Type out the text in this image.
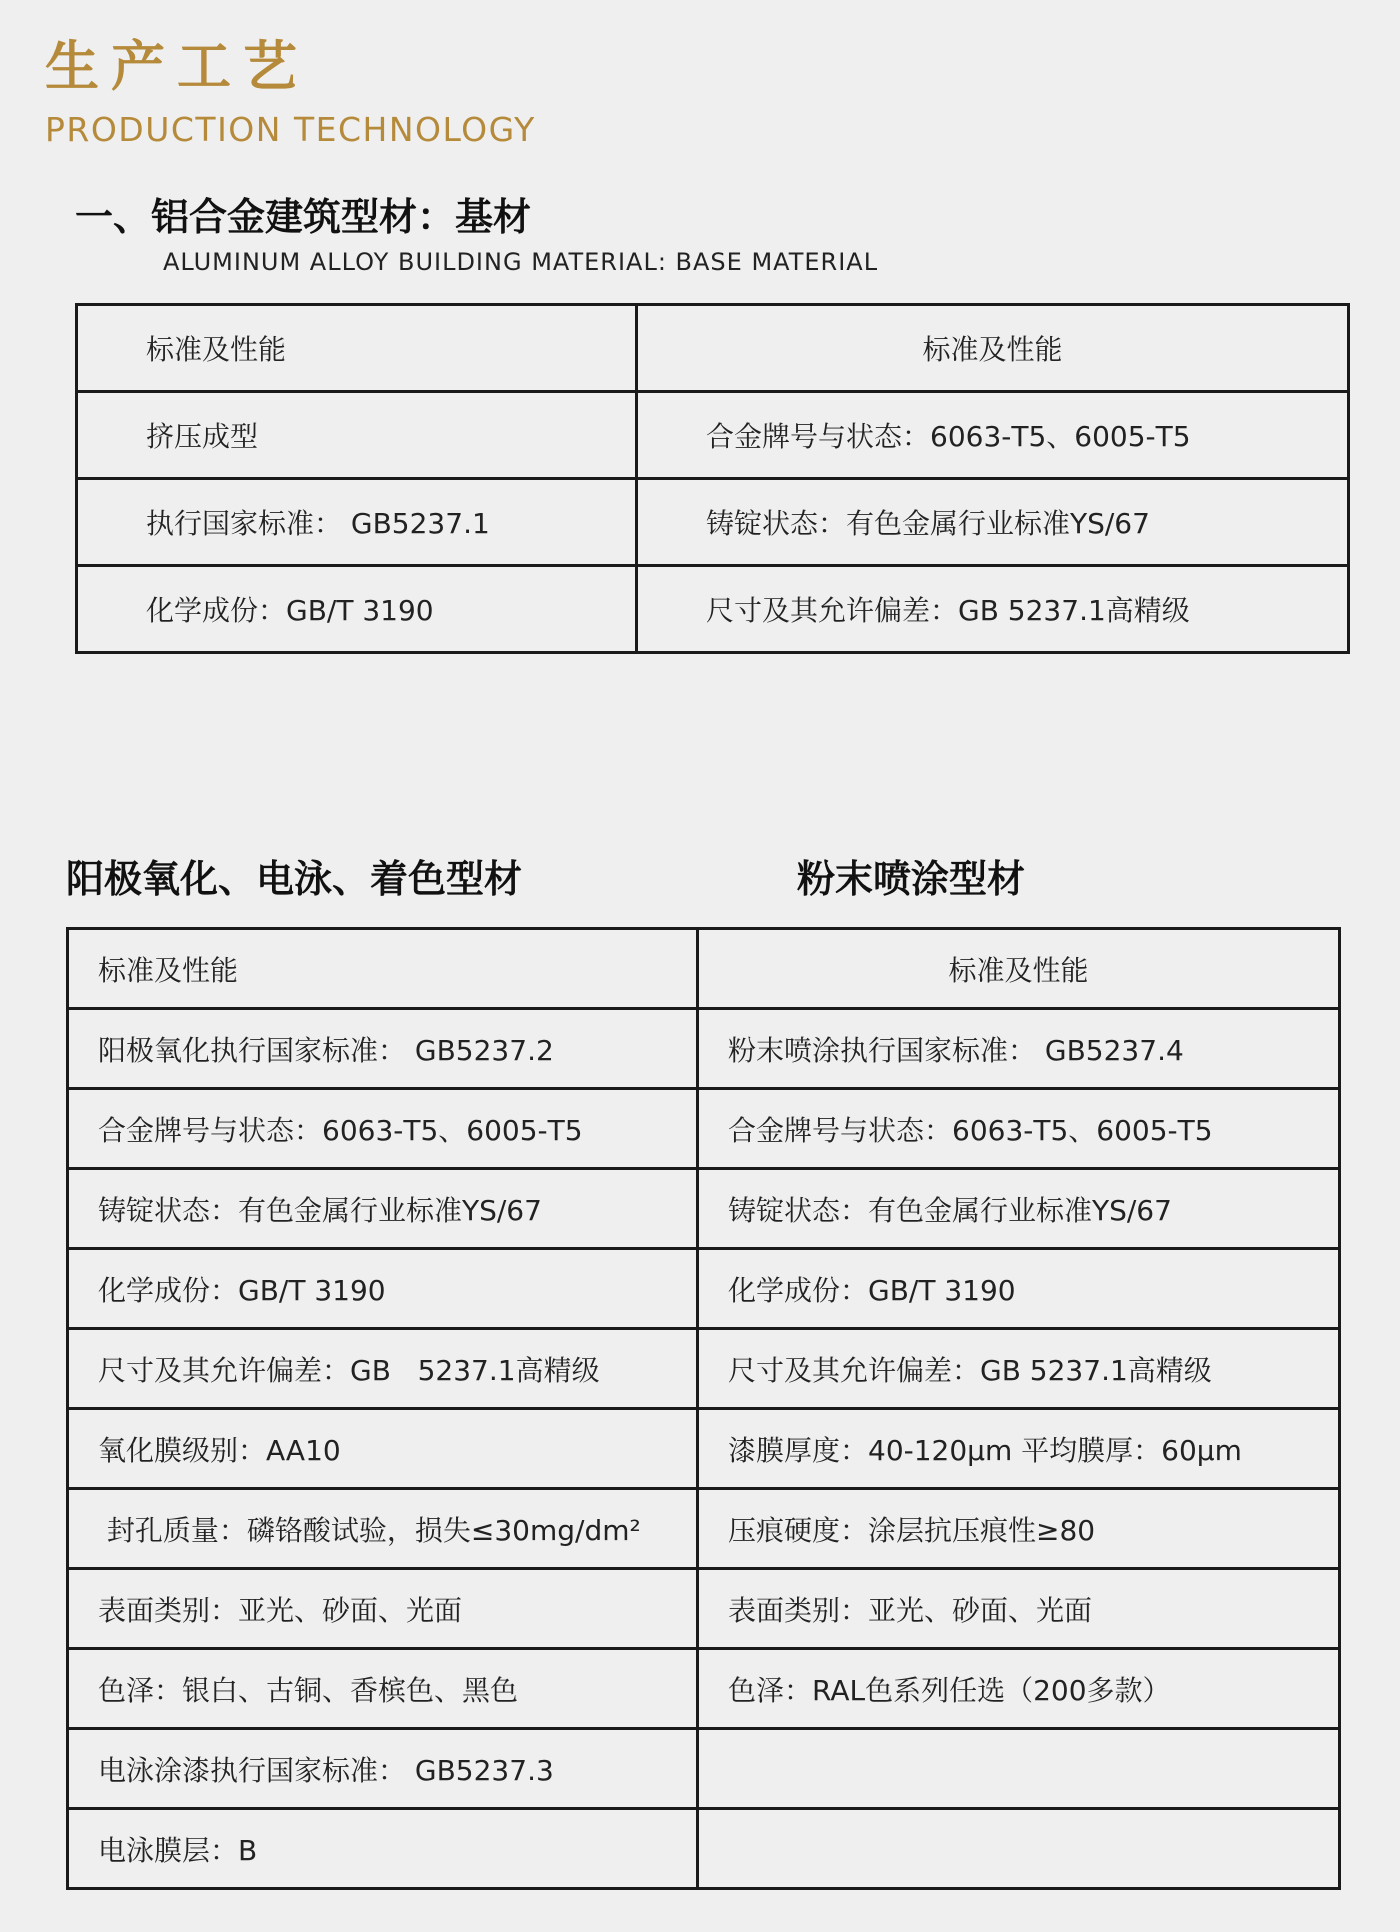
生产工艺
PRODUCTION TECHNOLOGY
一、铝合金建筑型材：基材
ALUMINUM ALLOY BUILDING MATERIAL: BASE MATERIAL
标准及性能	标准及性能
挤压成型	合金牌号与状态：6063-T5、6005-T5
执行国家标准： GB5237.1	铸锭状态：有色金属行业标准YS/67
化学成份：GB/T 3190	尺寸及其允许偏差：GB 5237.1高精级
阳极氧化、电泳、着色型材	粉末喷涂型材
标准及性能	标准及性能
阳极氧化执行国家标准： GB5237.2	粉末喷涂执行国家标准： GB5237.4
合金牌号与状态：6063-T5、6005-T5	合金牌号与状态：6063-T5、6005-T5
铸锭状态：有色金属行业标准YS/67	铸锭状态：有色金属行业标准YS/67
化学成份：GB/T 3190	化学成份：GB/T 3190
尺寸及其允许偏差：GB   5237.1高精级	尺寸及其允许偏差：GB 5237.1高精级
氧化膜级别：AA10	漆膜厚度：40-120μm 平均膜厚：60μm
封孔质量：磷铬酸试验，损失≤30mg/dm²	压痕硬度：涂层抗压痕性≥80
表面类别：亚光、砂面、光面	表面类别：亚光、砂面、光面
色泽：银白、古铜、香槟色、黑色	色泽：RAL色系列任选（200多款）
电泳涂漆执行国家标准： GB5237.3	
电泳膜层：B	
